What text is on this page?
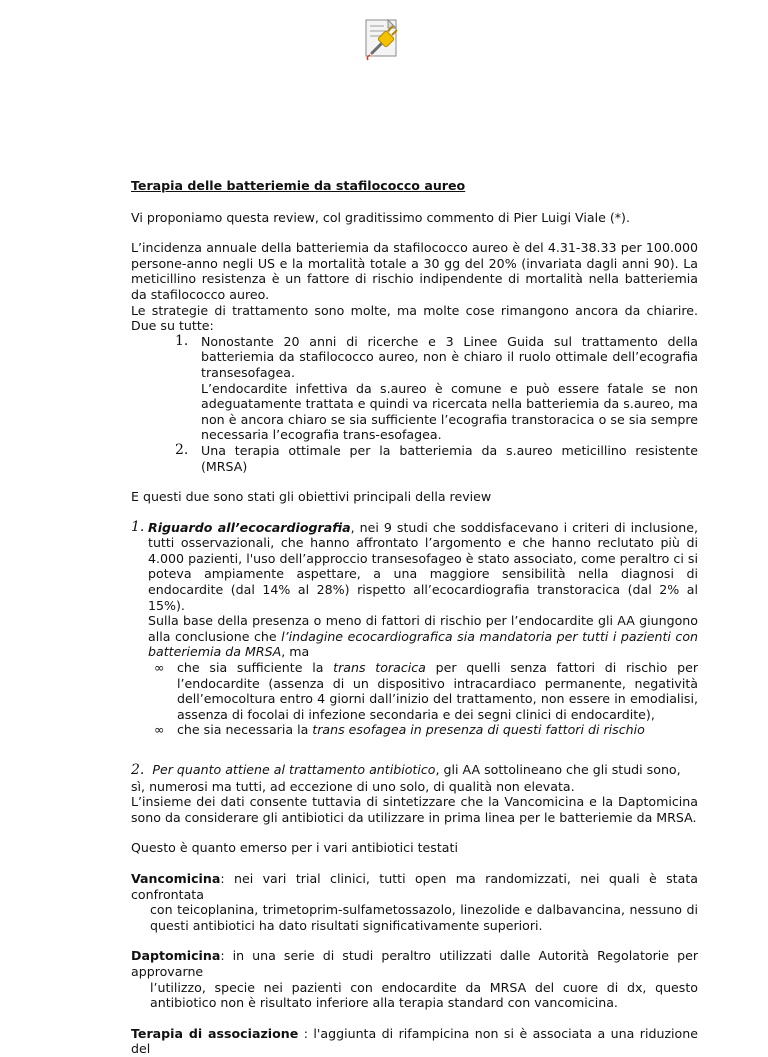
Terapia delle batteriemie da stafilococco aureo

Vi proponiamo questa review, col graditissimo commento di Pier Luigi Viale (*).

L’incidenza annuale della batteriemia da stafilococco aureo è del 4.31-38.33 per 100.000 persone-anno negli US e la mortalità totale a 30 gg del 20% (invariata dagli anni 90). La meticillino resistenza è un fattore di rischio indipendente di mortalità nella batteriemia da stafilococco aureo.

Le strategie di trattamento sono molte, ma molte cose rimangono ancora da chiarire. Due su tutte:

1. Nonostante 20 anni di ricerche e 3 Linee Guida sul trattamento della batteriemia da stafilococco aureo, non è chiaro il ruolo ottimale dell’ecografia transesofagea.
L’endocardite infettiva da s.aureo è comune e può essere fatale se non adeguatamente trattata e quindi va ricercata nella batteriemia da s.aureo, ma non è ancora chiaro se sia sufficiente l’ecografia transtoracica o se sia sempre necessaria l’ecografia trans-esofagea.
2. Una terapia ottimale per la batteriemia da s.aureo meticillino resistente (MRSA)

E questi due sono stati gli obiettivi principali della review

1. Riguardo all’ecocardiografia, nei 9 studi che soddisfacevano i criteri di inclusione, tutti osservazionali, che hanno affrontato l’argomento e che hanno reclutato più di 4.000 pazienti, l'uso dell’approccio transesofageo è stato associato, come peraltro ci si poteva ampiamente aspettare, a una maggiore sensibilità nella diagnosi di endocardite (dal 14% al 28%) rispetto all’ecocardiografia transtoracica (dal 2% al 15%).
Sulla base della presenza o meno di fattori di rischio per l’endocardite gli AA giungono alla conclusione che l’indagine ecocardiografica sia mandatoria per tutti i pazienti con batteriemia da MRSA, ma
∞ che sia sufficiente la trans toracica per quelli senza fattori di rischio per l’endocardite (assenza di un dispositivo intracardiaco permanente, negatività dell’emocoltura entro 4 giorni dall’inizio del trattamento, non essere in emodialisi, assenza di focolai di infezione secondaria e dei segni clinici di endocardite),
∞ che sia necessaria la trans esofagea in presenza di questi fattori di rischio
2. Per quanto attiene al trattamento antibiotico, gli AA sottolineano che gli studi sono,
sì, numerosi ma tutti, ad eccezione di uno solo, di qualità non elevata.
L’insieme dei dati consente tuttavia di sintetizzare che la Vancomicina e la Daptomicina sono da considerare gli antibiotici da utilizzare in prima linea per le batteriemie da MRSA.

Questo è quanto emerso per i vari antibiotici testati

Vancomicina: nei vari trial clinici, tutti open ma randomizzati, nei quali è stata confrontata
con teicoplanina, trimetoprim-sulfametossazolo, linezolide e dalbavancina, nessuno di questi antibiotici ha dato risultati significativamente superiori.
Daptomicina: in una serie di studi peraltro utilizzati dalle Autorità Regolatorie per approvarne
l’utilizzo, specie nei pazienti con endocardite da MRSA del cuore di dx, questo antibiotico non è risultato inferiore alla terapia standard con vancomicina.
Terapia di associazione : l'aggiunta di rifampicina non si è associata a una riduzione del
